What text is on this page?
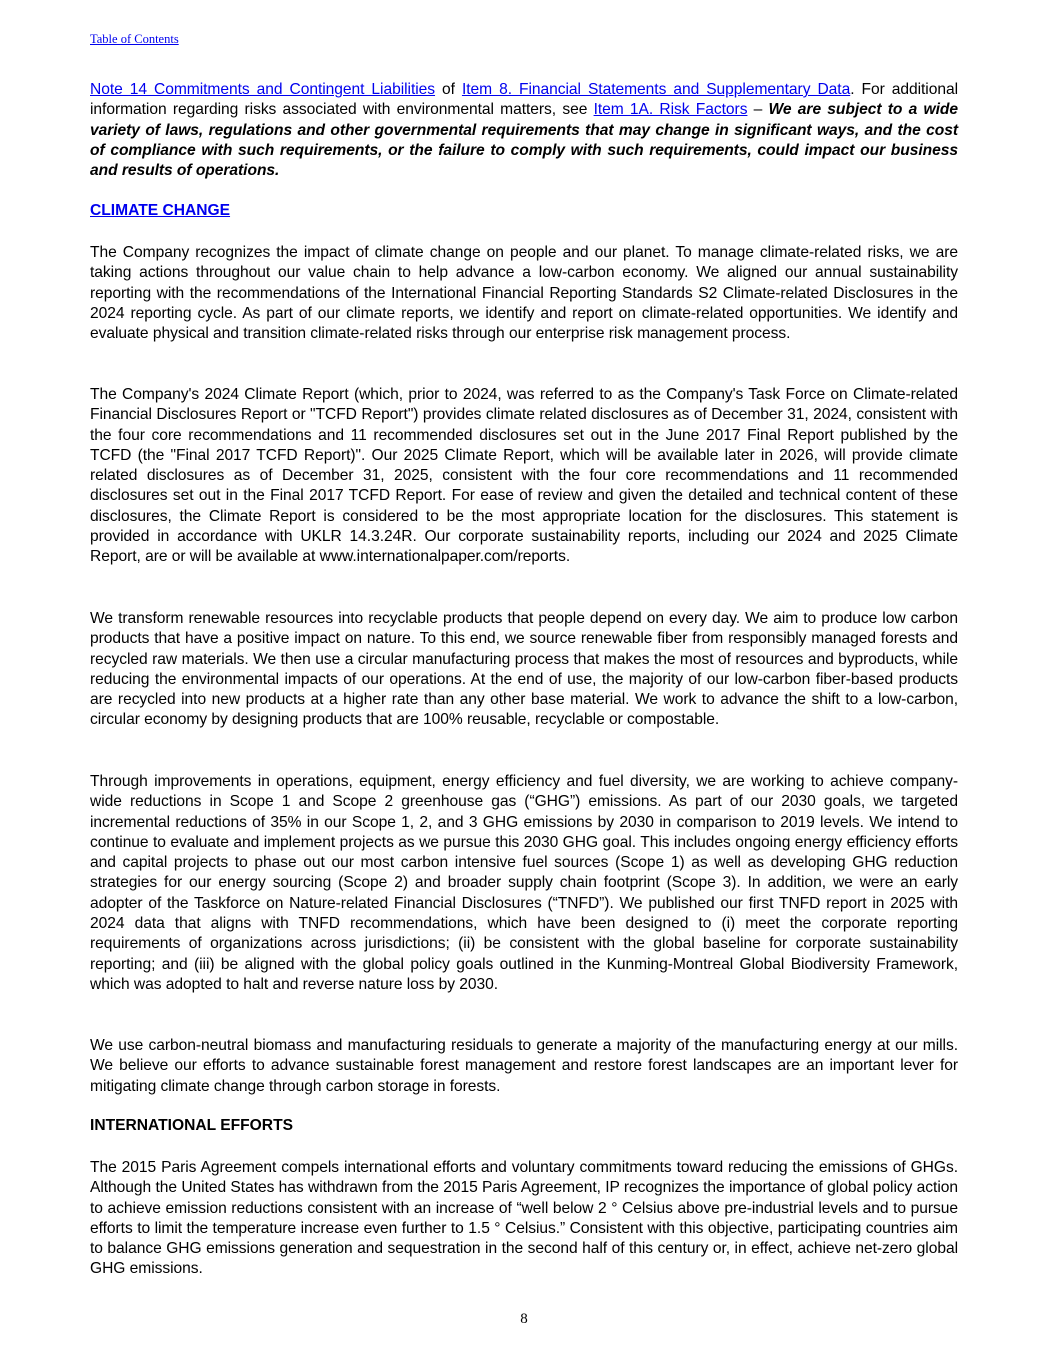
Table of Contents

Note 14 Commitments and Contingent Liabilities of Item 8. Financial Statements and Supplementary Data. For additional information regarding risks associated with environmental matters, see Item 1A. Risk Factors – We are subject to a wide variety of laws, regulations and other governmental requirements that may change in significant ways, and the cost of compliance with such requirements, or the failure to comply with such requirements, could impact our business and results of operations.

CLIMATE CHANGE

The Company recognizes the impact of climate change on people and our planet. To manage climate-related risks, we are taking actions throughout our value chain to help advance a low-carbon economy. We aligned our annual sustainability reporting with the recommendations of the International Financial Reporting Standards S2 Climate-related Disclosures in the 2024 reporting cycle. As part of our climate reports, we identify and report on climate-related opportunities. We identify and evaluate physical and transition climate-related risks through our enterprise risk management process.

The Company's 2024 Climate Report (which, prior to 2024, was referred to as the Company's Task Force on Climate-related Financial Disclosures Report or "TCFD Report") provides climate related disclosures as of December 31, 2024, consistent with the four core recommendations and 11 recommended disclosures set out in the June 2017 Final Report published by the TCFD (the "Final 2017 TCFD Report)". Our 2025 Climate Report, which will be available later in 2026, will provide climate related disclosures as of December 31, 2025, consistent with the four core recommendations and 11 recommended disclosures set out in the Final 2017 TCFD Report. For ease of review and given the detailed and technical content of these disclosures, the Climate Report is considered to be the most appropriate location for the disclosures. This statement is provided in accordance with UKLR 14.3.24R. Our corporate sustainability reports, including our 2024 and 2025 Climate Report, are or will be available at www.internationalpaper.com/reports.

We transform renewable resources into recyclable products that people depend on every day. We aim to produce low carbon products that have a positive impact on nature. To this end, we source renewable fiber from responsibly managed forests and recycled raw materials. We then use a circular manufacturing process that makes the most of resources and byproducts, while reducing the environmental impacts of our operations. At the end of use, the majority of our low-carbon fiber-based products are recycled into new products at a higher rate than any other base material. We work to advance the shift to a low-carbon, circular economy by designing products that are 100% reusable, recyclable or compostable.

Through improvements in operations, equipment, energy efficiency and fuel diversity, we are working to achieve company-wide reductions in Scope 1 and Scope 2 greenhouse gas (“GHG”) emissions. As part of our 2030 goals, we targeted incremental reductions of 35% in our Scope 1, 2, and 3 GHG emissions by 2030 in comparison to 2019 levels. We intend to continue to evaluate and implement projects as we pursue this 2030 GHG goal. This includes ongoing energy efficiency efforts and capital projects to phase out our most carbon intensive fuel sources (Scope 1) as well as developing GHG reduction strategies for our energy sourcing (Scope 2) and broader supply chain footprint (Scope 3). In addition, we were an early adopter of the Taskforce on Nature-related Financial Disclosures (“TNFD”). We published our first TNFD report in 2025 with 2024 data that aligns with TNFD recommendations, which have been designed to (i) meet the corporate reporting requirements of organizations across jurisdictions; (ii) be consistent with the global baseline for corporate sustainability reporting; and (iii) be aligned with the global policy goals outlined in the Kunming-Montreal Global Biodiversity Framework, which was adopted to halt and reverse nature loss by 2030.

We use carbon-neutral biomass and manufacturing residuals to generate a majority of the manufacturing energy at our mills. We believe our efforts to advance sustainable forest management and restore forest landscapes are an important lever for mitigating climate change through carbon storage in forests.

INTERNATIONAL EFFORTS

The 2015 Paris Agreement compels international efforts and voluntary commitments toward reducing the emissions of GHGs. Although the United States has withdrawn from the 2015 Paris Agreement, IP recognizes the importance of global policy action to achieve emission reductions consistent with an increase of “well below 2 ° Celsius above pre-industrial levels and to pursue efforts to limit the temperature increase even further to 1.5 ° Celsius.” Consistent with this objective, participating countries aim to balance GHG emissions generation and sequestration in the second half of this century or, in effect, achieve net-zero global GHG emissions.

8
